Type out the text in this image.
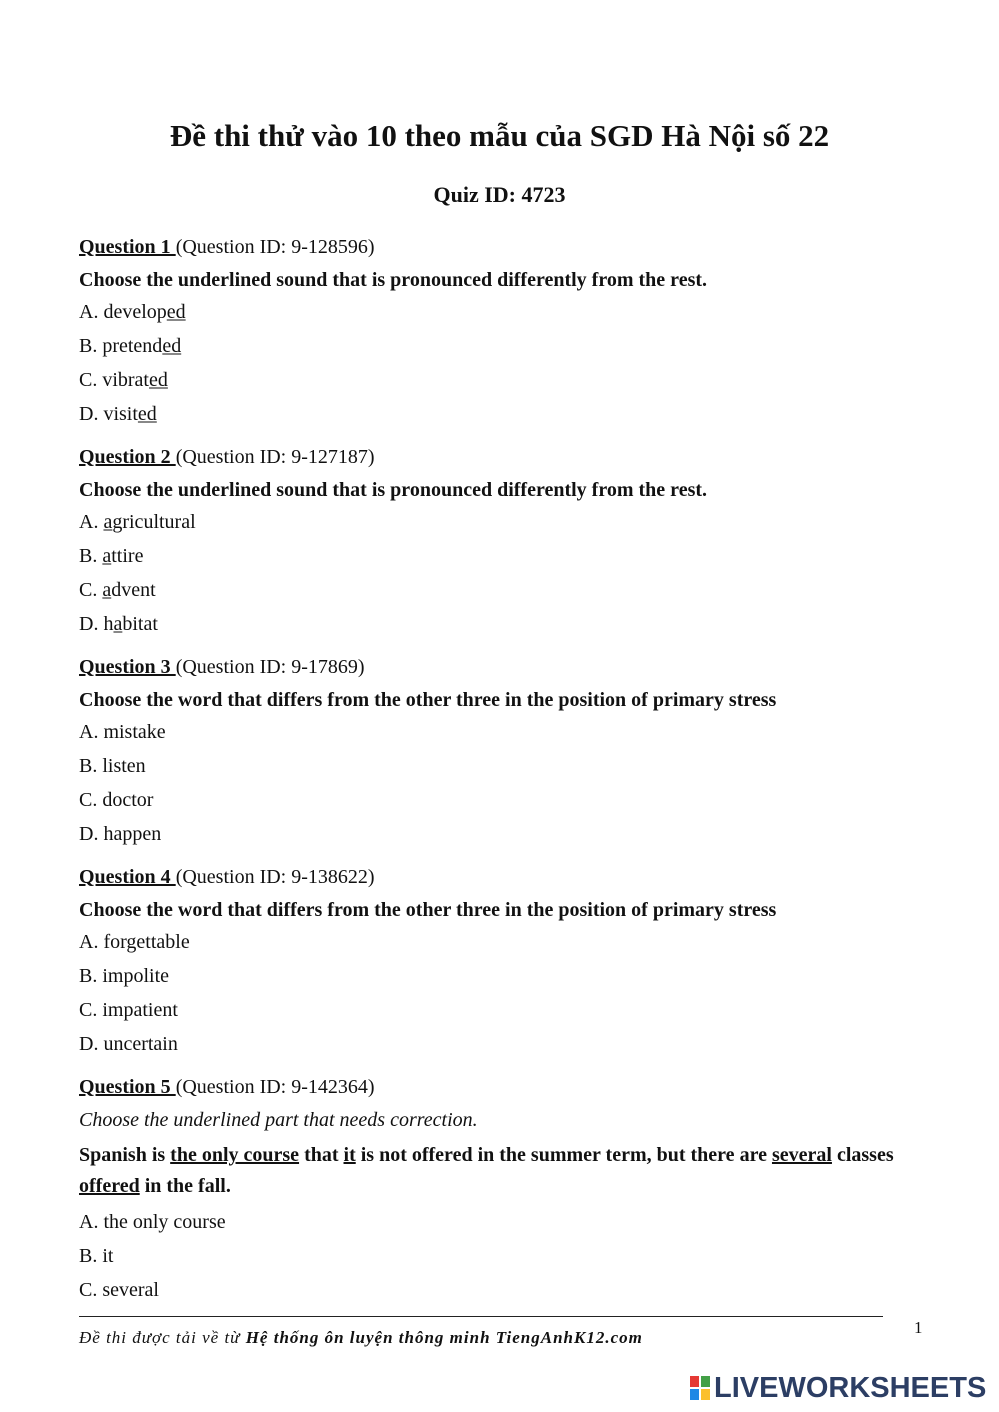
Đề thi thử vào 10 theo mẫu của SGD Hà Nội số 22
Quiz ID: 4723
Question 1 (Question ID: 9-128596)
Choose the underlined sound that is pronounced differently from the rest.
A. developed
B. pretended
C. vibrated
D. visited
Question 2 (Question ID: 9-127187)
Choose the underlined sound that is pronounced differently from the rest.
A. agricultural
B. attire
C. advent
D. habitat
Question 3 (Question ID: 9-17869)
Choose the word that differs from the other three in the position of primary stress
A. mistake
B. listen
C. doctor
D. happen
Question 4 (Question ID: 9-138622)
Choose the word that differs from the other three in the position of primary stress
A. forgettable
B. impolite
C. impatient
D. uncertain
Question 5 (Question ID: 9-142364)
Choose the underlined part that needs correction.
Spanish is the only course that it is not offered in the summer term, but there are several classes offered in the fall.
A. the only course
B. it
C. several
Đề thi được tải về từ Hệ thống ôn luyện thông minh TiengAnhK12.com
1
LIVEWORKSHEETS
